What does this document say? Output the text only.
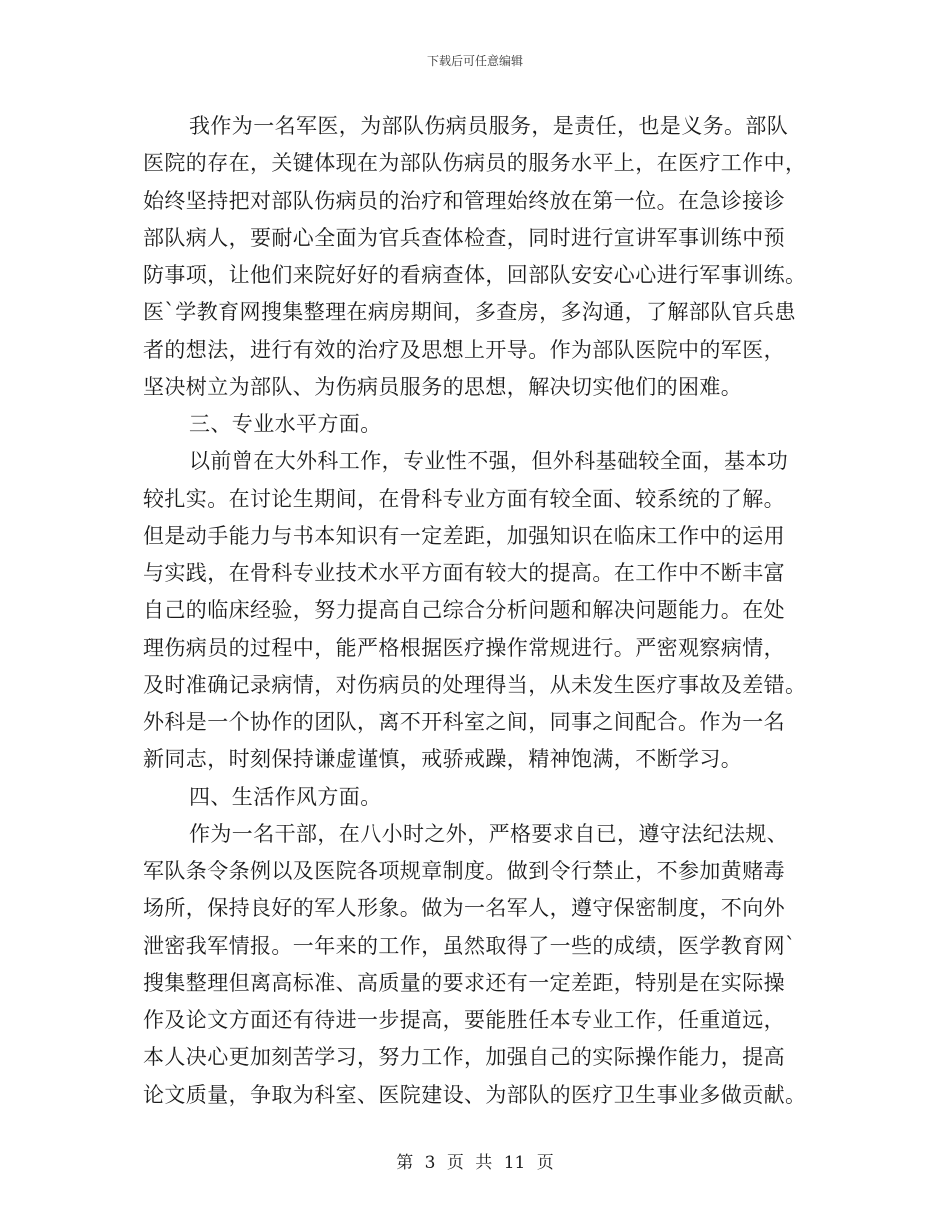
下载后可任意编辑
我作为一名军医，为部队伤病员服务，是责任，也是义务。部队
医院的存在，关键体现在为部队伤病员的服务水平上，在医疗工作中，
始终坚持把对部队伤病员的治疗和管理始终放在第一位。在急诊接诊
部队病人，要耐心全面为官兵查体检查，同时进行宣讲军事训练中预
防事项，让他们来院好好的看病查体，回部队安安心心进行军事训练。
医`学教育网搜集整理在病房期间，多查房，多沟通，了解部队官兵患
者的想法，进行有效的治疗及思想上开导。作为部队医院中的军医，
坚决树立为部队、为伤病员服务的思想，解决切实他们的困难。
三、专业水平方面。
以前曾在大外科工作，专业性不强，但外科基础较全面，基本功
较扎实。在讨论生期间，在骨科专业方面有较全面、较系统的了解。
但是动手能力与书本知识有一定差距，加强知识在临床工作中的运用
与实践，在骨科专业技术水平方面有较大的提高。在工作中不断丰富
自己的临床经验，努力提高自己综合分析问题和解决问题能力。在处
理伤病员的过程中，能严格根据医疗操作常规进行。严密观察病情，
及时准确记录病情，对伤病员的处理得当，从未发生医疗事故及差错。
外科是一个协作的团队，离不开科室之间，同事之间配合。作为一名
新同志，时刻保持谦虚谨慎，戒骄戒躁，精神饱满，不断学习。
四、生活作风方面。
作为一名干部，在八小时之外，严格要求自已，遵守法纪法规、
军队条令条例以及医院各项规章制度。做到令行禁止，不参加黄赌毒
场所，保持良好的军人形象。做为一名军人，遵守保密制度，不向外
泄密我军情报。一年来的工作，虽然取得了一些的成绩，医学教育网`
搜集整理但离高标准、高质量的要求还有一定差距，特别是在实际操
作及论文方面还有待进一步提高，要能胜任本专业工作，任重道远，
本人决心更加刻苦学习，努力工作，加强自己的实际操作能力，提高
论文质量，争取为科室、医院建设、为部队的医疗卫生事业多做贡献。
第 3 页 共 11 页
